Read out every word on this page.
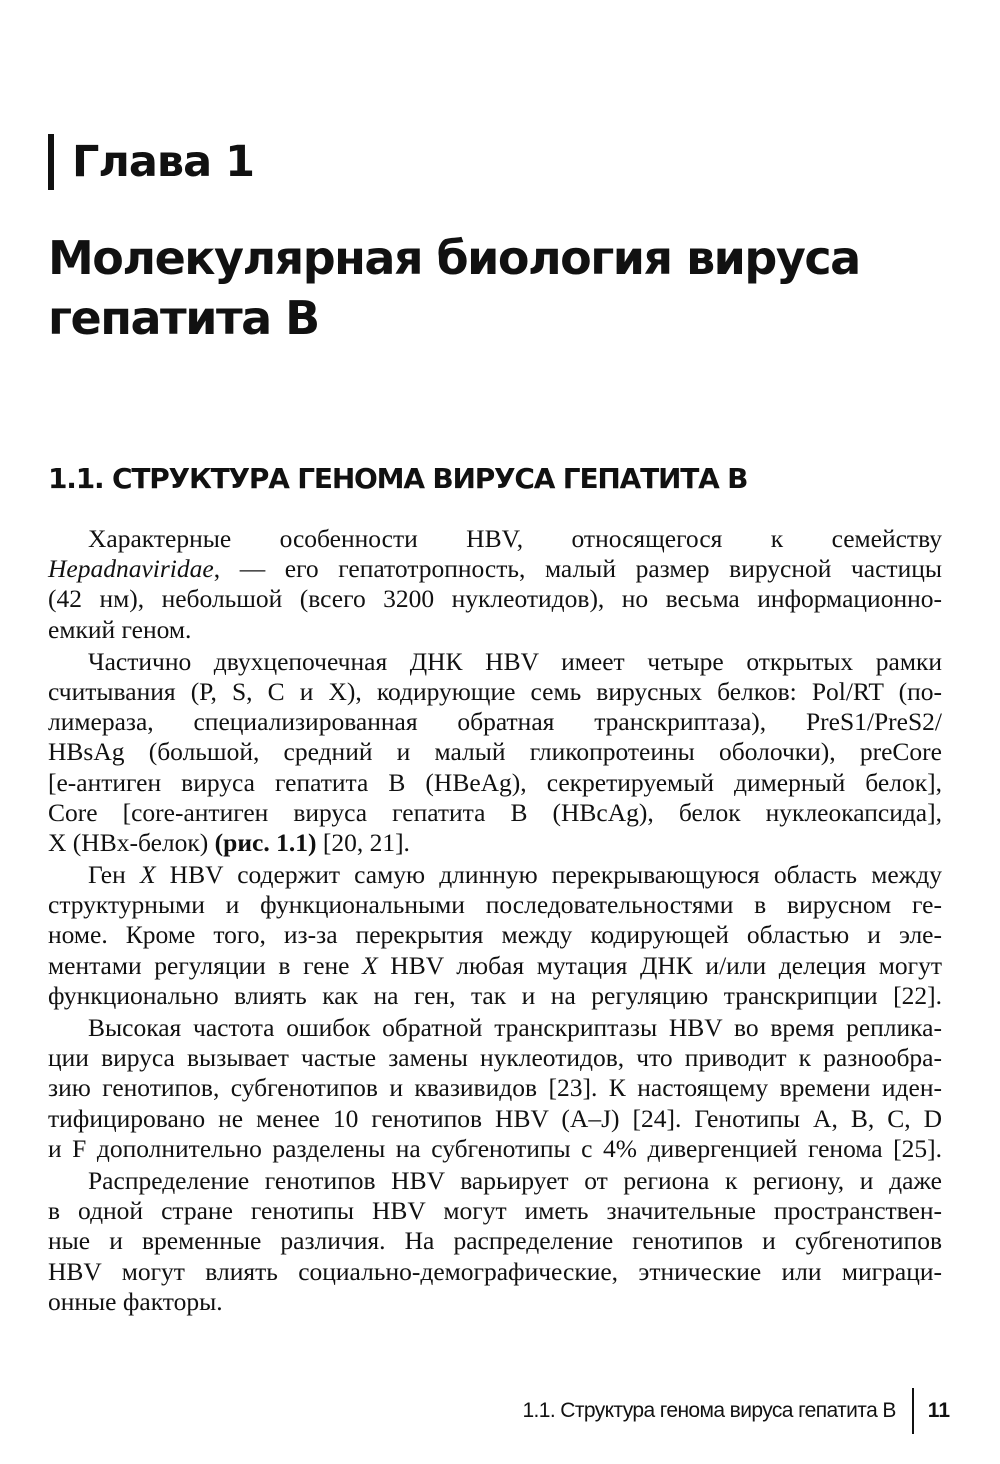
Глава 1
Молекулярная биология вируса
гепатита B
1.1. СТРУКТУРА ГЕНОМА ВИРУСА ГЕПАТИТА B
Характерные особенности HBV, относящегося к семейству
Hepadnaviridae, — его гепатотропность, малый размер вирусной частицы
(42 нм), небольшой (всего 3200 нуклеотидов), но весьма информационно-
емкий геном.
Частично двухцепочечная ДНК HBV имеет четыре открытых рамки
считывания (P, S, C и X), кодирующие семь вирусных белков: Pol/RT (по-
лимераза, специализированная обратная транскриптаза), PreS1/PreS2/
HBsAg (большой, средний и малый гликопротеины оболочки), preCore
[e-антиген вируса гепатита B (HBeAg), секретируемый димерный белок],
Core [core-антиген вируса гепатита B (HBcAg), белок нуклеокапсида],
X (HBx-белок) (рис. 1.1) [20, 21].
Ген X HBV содержит самую длинную перекрывающуюся область между
структурными и функциональными последовательностями в вирусном ге-
номе. Кроме того, из-за перекрытия между кодирующей областью и эле-
ментами регуляции в гене X HBV любая мутация ДНК и/или делеция могут
функционально влиять как на ген, так и на регуляцию транскрипции [22].
Высокая частота ошибок обратной транскриптазы HBV во время реплика-
ции вируса вызывает частые замены нуклеотидов, что приводит к разнообра-
зию генотипов, субгенотипов и квазивидов [23]. К настоящему времени иден-
тифицировано не менее 10 генотипов HBV (A–J) [24]. Генотипы A, B, C, D
и F дополнительно разделены на субгенотипы с 4% дивергенцией генома [25].
Распределение генотипов HBV варьирует от региона к региону, и даже
в одной стране генотипы HBV могут иметь значительные пространствен-
ные и временные различия. На распределение генотипов и субгенотипов
HBV могут влиять социально-демографические, этнические или миграци-
онные факторы.
1.1. Структура генома вируса гепатита B 11
